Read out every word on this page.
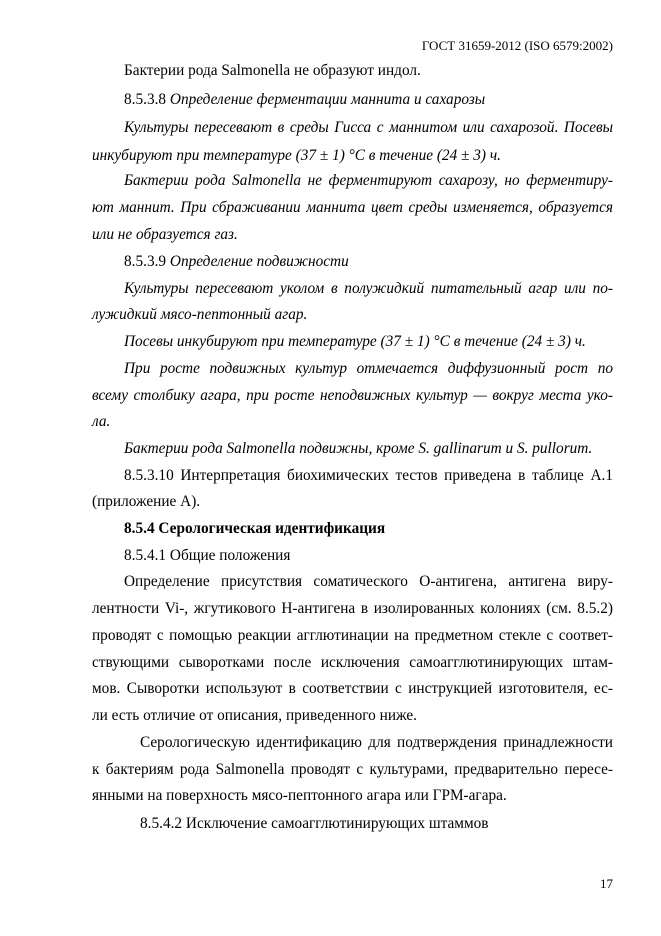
ГОСТ 31659-2012 (ISO 6579:2002)
Бактерии рода Salmonella не образуют индол.
8.5.3.8 Определение ферментации маннита и сахарозы
Культуры пересевают в среды Гисса с маннитом или сахарозой. Посевы
инкубируют при температуре (37 ± 1) °С в течение (24 ± 3) ч.
Бактерии рода Salmonella не ферментируют сахарозу, но ферментиру-
ют маннит. При сбраживании маннита цвет среды изменяется, образуется
или не образуется газ.
8.5.3.9 Определение подвижности
Культуры пересевают уколом в полужидкий питательный агар или по-
лужидкий мясо-пептонный агар.
Посевы инкубируют при температуре (37 ± 1) °С в течение (24 ± 3) ч.
При росте подвижных культур отмечается диффузионный рост по
всему столбику агара, при росте неподвижных культур — вокруг места уко-
ла.
Бактерии рода Salmonella подвижны, кроме S. gallinarum и S. pullorum.
8.5.3.10 Интерпретация биохимических тестов приведена в таблице А.1
(приложение А).
8.5.4 Серологическая идентификация
8.5.4.1 Общие положения
Определение присутствия соматического О-антигена, антигена виру-
лентности Vi-, жгутикового Н-антигена в изолированных колониях (см. 8.5.2)
проводят с помощью реакции агглютинации на предметном стекле с соответ-
ствующими сыворотками после исключения самоагглютинирующих штам-
мов. Сыворотки используют в соответствии с инструкцией изготовителя, ес-
ли есть отличие от описания, приведенного ниже.
Серологическую идентификацию для подтверждения принадлежности
к бактериям рода Salmonella проводят с культурами, предварительно пересе-
янными на поверхность мясо-пептонного агара или ГРМ-агара.
8.5.4.2 Исключение самоагглютинирующих штаммов
17
